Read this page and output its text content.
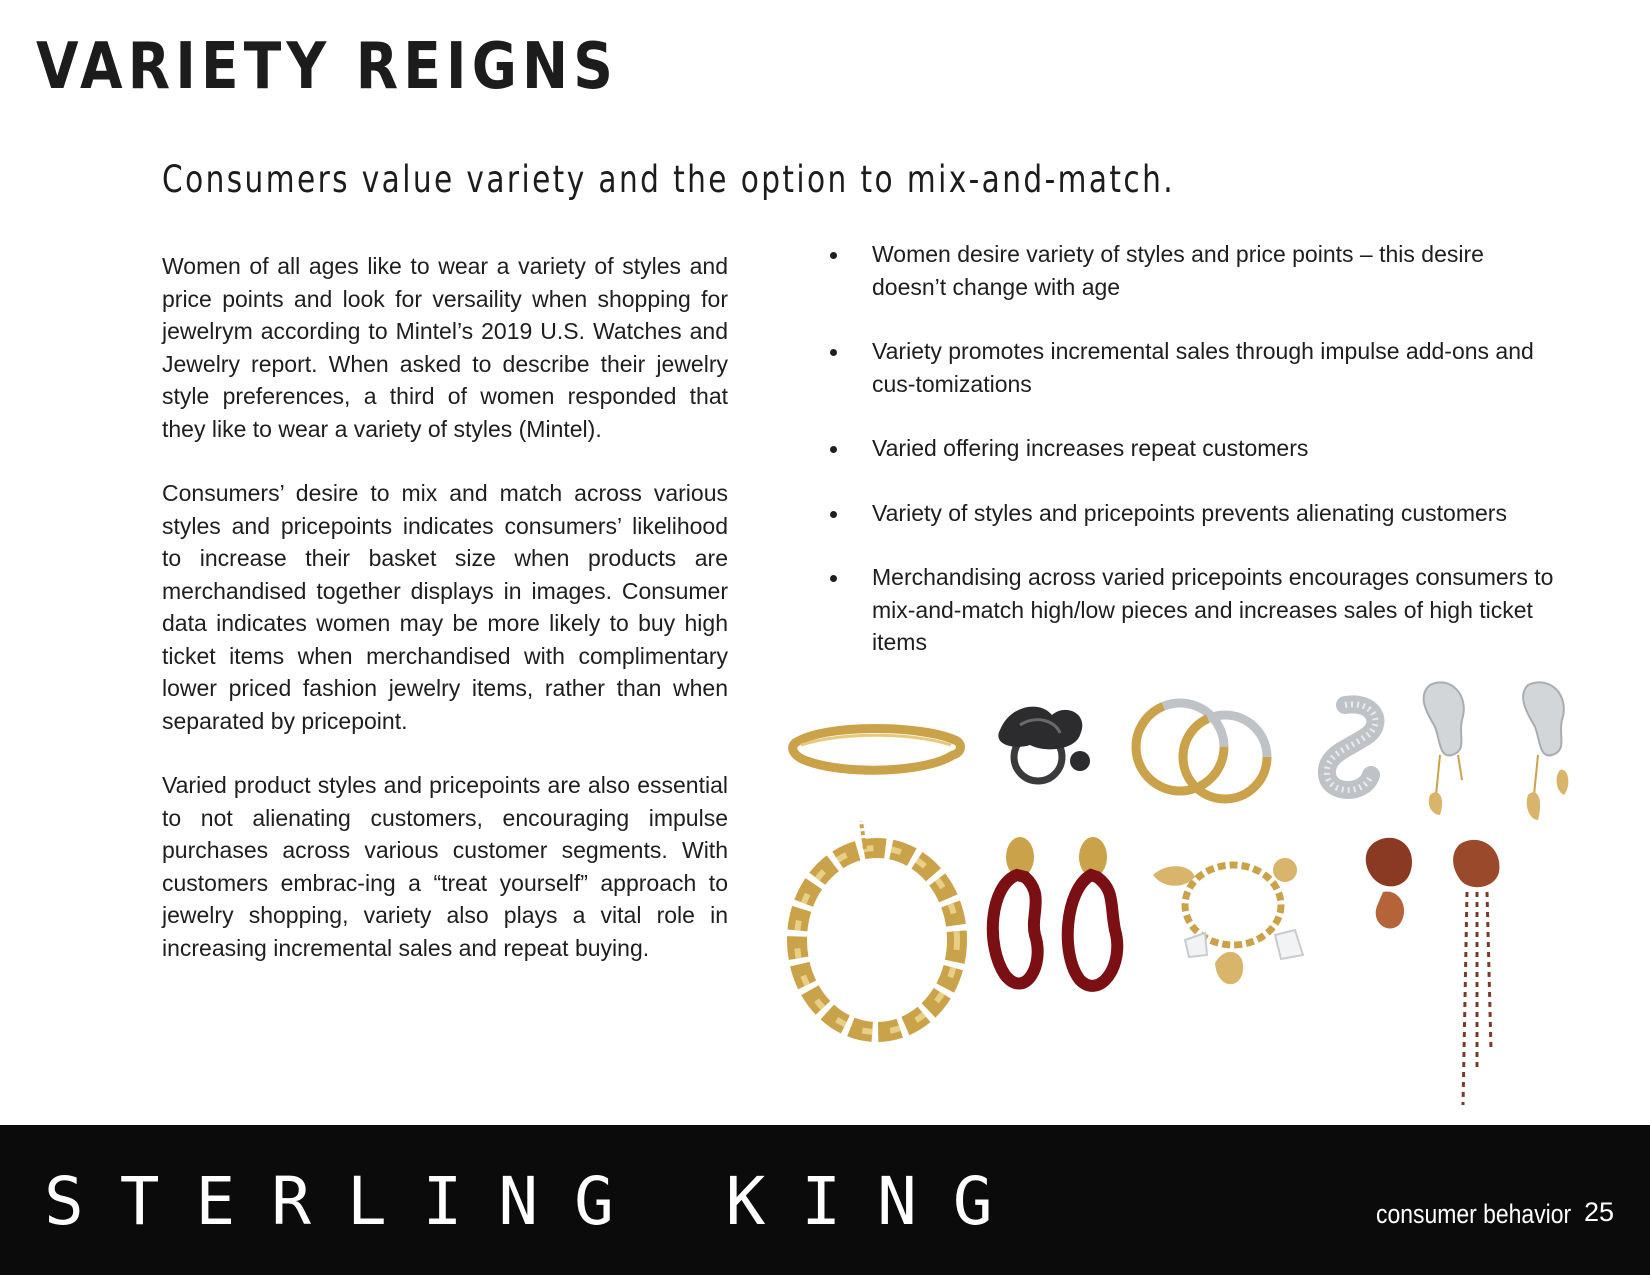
VARIETY REIGNS
Consumers value variety and the option to mix-and-match.

Women of all ages like to wear a variety of styles and price points and look for versaility when shopping for jewelrym according to Mintel’s 2019 U.S. Watches and Jewelry report. When asked to describe their jewelry style preferences, a third of women responded that they like to wear a variety of styles (Mintel).

Consumers’ desire to mix and match across various styles and pricepoints indicates consumers’ likelihood to increase their basket size when products are merchandised together displays in images. Consumer data indicates women may be more likely to buy high ticket items when merchandised with complimentary lower priced fashion jewelry items, rather than when separated by pricepoint.

Varied product styles and pricepoints are also essential to not alienating customers, encouraging impulse purchases across various customer segments. With customers embrac-ing a “treat yourself” approach to jewelry shopping, variety also plays a vital role in increasing incremental sales and repeat buying.

Women desire variety of styles and price points – this desire doesn’t change with age
Variety promotes incremental sales through impulse add-ons and cus-tomizations
Varied offering increases repeat customers
Variety of styles and pricepoints prevents alienating customers
Merchandising across varied pricepoints encourages consumers to mix-and-match high/low pieces and increases sales of high ticket items
STERLING KING	consumer behavior 25
